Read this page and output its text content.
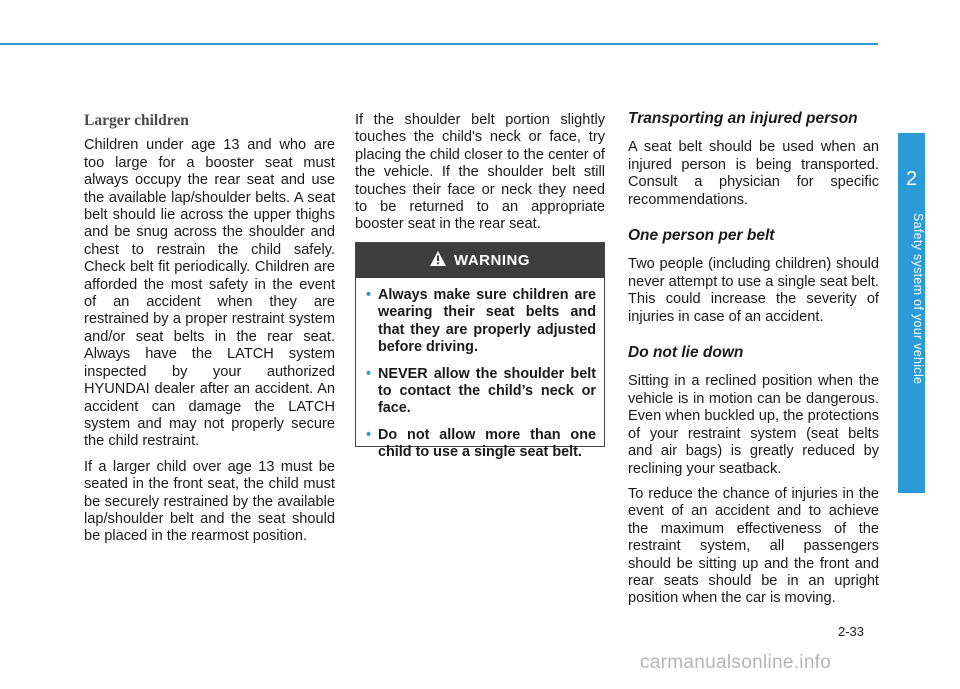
Larger children

Children under age 13 and who are too large for a booster seat must always occupy the rear seat and use the available lap/shoulder belts. A seat belt should lie across the upper thighs and be snug across the shoulder and chest to restrain the child safely. Check belt fit periodically. Children are afforded the most safety in the event of an accident when they are restrained by a proper restraint system and/or seat belts in the rear seat. Always have the LATCH system inspected by your authorized HYUNDAI dealer after an accident. An accident can damage the LATCH system and may not properly secure the child restraint.

If a larger child over age 13 must be seated in the front seat, the child must be securely restrained by the available lap/shoulder belt and the seat should be placed in the rearmost position.

If the shoulder belt portion slightly touches the child's neck or face, try placing the child closer to the center of the vehicle. If the shoulder belt still touches their face or neck they need to be returned to an appropriate booster seat in the rear seat.

WARNING
• Always make sure children are wearing their seat belts and that they are properly adjusted before driving.
• NEVER allow the shoulder belt to contact the child’s neck or face.
• Do not allow more than one child to use a single seat belt.
Transporting an injured person

A seat belt should be used when an injured person is being transported. Consult a physician for specific recommendations.

One person per belt

Two people (including children) should never attempt to use a single seat belt. This could increase the severity of injuries in case of an accident.

Do not lie down

Sitting in a reclined position when the vehicle is in motion can be dangerous. Even when buckled up, the protections of your restraint system (seat belts and air bags) is greatly reduced by reclining your seatback.

To reduce the chance of injuries in the event of an accident and to achieve the maximum effectiveness of the restraint system, all passengers should be sitting up and the front and rear seats should be in an upright position when the car is moving.

2
Safety system of your vehicle
2-33
carmanualsonline.info
